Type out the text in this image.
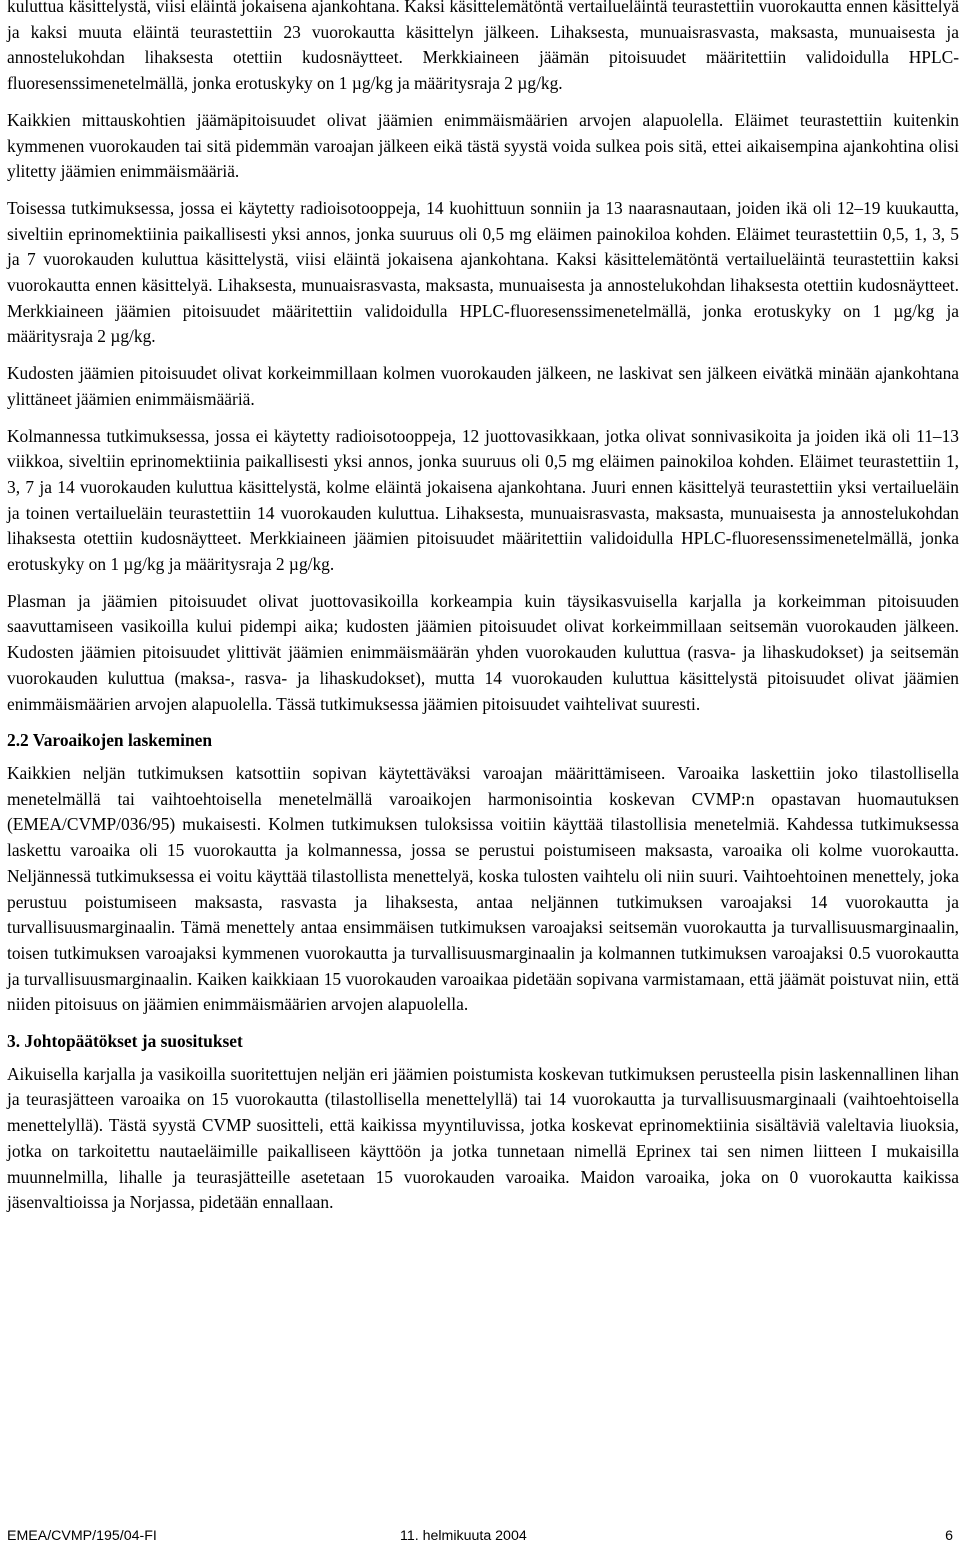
kuluttua käsittelystä, viisi eläintä jokaisena ajankohtana. Kaksi käsittelemätöntä vertailueläintä teurastettiin vuorokautta ennen käsittelyä ja kaksi muuta eläintä teurastettiin 23 vuorokautta käsittelyn jälkeen. Lihaksesta, munuaisrasvasta, maksasta, munuaisesta ja annostelukohdan lihaksesta otettiin kudosnäytteet. Merkkiaineen jäämän pitoisuudet määritettiin validoidulla HPLC-fluoresenssimenetelmällä, jonka erotuskyky on 1 µg/kg ja määritysraja 2 µg/kg.

Kaikkien mittauskohtien jäämäpitoisuudet olivat jäämien enimmäismäärien arvojen alapuolella. Eläimet teurastettiin kuitenkin kymmenen vuorokauden tai sitä pidemmän varoajan jälkeen eikä tästä syystä voida sulkea pois sitä, ettei aikaisempina ajankohtina olisi ylitetty jäämien enimmäismääriä.

Toisessa tutkimuksessa, jossa ei käytetty radioisotooppeja, 14 kuohittuun sonniin ja 13 naarasnautaan, joiden ikä oli 12–19 kuukautta, siveltiin eprinomektiinia paikallisesti yksi annos, jonka suuruus oli 0,5 mg eläimen painokiloa kohden. Eläimet teurastettiin 0,5, 1, 3, 5 ja 7 vuorokauden kuluttua käsittelystä, viisi eläintä jokaisena ajankohtana. Kaksi käsittelemätöntä vertailueläintä teurastettiin kaksi vuorokautta ennen käsittelyä. Lihaksesta, munuaisrasvasta, maksasta, munuaisesta ja annostelukohdan lihaksesta otettiin kudosnäytteet. Merkkiaineen jäämien pitoisuudet määritettiin validoidulla HPLC-fluoresenssimenetelmällä, jonka erotuskyky on 1 µg/kg ja määritysraja 2 µg/kg.

Kudosten jäämien pitoisuudet olivat korkeimmillaan kolmen vuorokauden jälkeen, ne laskivat sen jälkeen eivätkä minään ajankohtana ylittäneet jäämien enimmäismääriä.

Kolmannessa tutkimuksessa, jossa ei käytetty radioisotooppeja, 12 juottovasikkaan, jotka olivat sonnivasikoita ja joiden ikä oli 11–13 viikkoa, siveltiin eprinomektiinia paikallisesti yksi annos, jonka suuruus oli 0,5 mg eläimen painokiloa kohden. Eläimet teurastettiin 1, 3, 7 ja 14 vuorokauden kuluttua käsittelystä, kolme eläintä jokaisena ajankohtana. Juuri ennen käsittelyä teurastettiin yksi vertailueläin ja toinen vertailueläin teurastettiin 14 vuorokauden kuluttua. Lihaksesta, munuaisrasvasta, maksasta, munuaisesta ja annostelukohdan lihaksesta otettiin kudosnäytteet. Merkkiaineen jäämien pitoisuudet määritettiin validoidulla HPLC-fluoresenssimenetelmällä, jonka erotuskyky on 1 µg/kg ja määritysraja 2 µg/kg.

Plasman ja jäämien pitoisuudet olivat juottovasikoilla korkeampia kuin täysikasvuisella karjalla ja korkeimman pitoisuuden saavuttamiseen vasikoilla kului pidempi aika; kudosten jäämien pitoisuudet olivat korkeimmillaan seitsemän vuorokauden jälkeen. Kudosten jäämien pitoisuudet ylittivät jäämien enimmäismäärän yhden vuorokauden kuluttua (rasva- ja lihaskudokset) ja seitsemän vuorokauden kuluttua (maksa-, rasva- ja lihaskudokset), mutta 14 vuorokauden kuluttua käsittelystä pitoisuudet olivat jäämien enimmäismäärien arvojen alapuolella. Tässä tutkimuksessa jäämien pitoisuudet vaihtelivat suuresti.

2.2 Varoaikojen laskeminen

Kaikkien neljän tutkimuksen katsottiin sopivan käytettäväksi varoajan määrittämiseen. Varoaika laskettiin joko tilastollisella menetelmällä tai vaihtoehtoisella menetelmällä varoaikojen harmonisointia koskevan CVMP:n opastavan huomautuksen (EMEA/CVMP/036/95) mukaisesti. Kolmen tutkimuksen tuloksissa voitiin käyttää tilastollisia menetelmiä. Kahdessa tutkimuksessa laskettu varoaika oli 15 vuorokautta ja kolmannessa, jossa se perustui poistumiseen maksasta, varoaika oli kolme vuorokautta. Neljännessä tutkimuksessa ei voitu käyttää tilastollista menettelyä, koska tulosten vaihtelu oli niin suuri. Vaihtoehtoinen menettely, joka perustuu poistumiseen maksasta, rasvasta ja lihaksesta, antaa neljännen tutkimuksen varoajaksi 14 vuorokautta ja turvallisuusmarginaalin. Tämä menettely antaa ensimmäisen tutkimuksen varoajaksi seitsemän vuorokautta ja turvallisuusmarginaalin, toisen tutkimuksen varoajaksi kymmenen vuorokautta ja turvallisuusmarginaalin ja kolmannen tutkimuksen varoajaksi 0.5 vuorokautta ja turvallisuusmarginaalin. Kaiken kaikkiaan 15 vuorokauden varoaikaa pidetään sopivana varmistamaan, että jäämät poistuvat niin, että niiden pitoisuus on jäämien enimmäismäärien arvojen alapuolella.

3. Johtopäätökset ja suositukset

Aikuisella karjalla ja vasikoilla suoritettujen neljän eri jäämien poistumista koskevan tutkimuksen perusteella pisin laskennallinen lihan ja teurasjätteen varoaika on 15 vuorokautta (tilastollisella menettelyllä) tai 14 vuorokautta ja turvallisuusmarginaali (vaihtoehtoisella menettelyllä). Tästä syystä CVMP suositteli, että kaikissa myyntiluvissa, jotka koskevat eprinomektiinia sisältäviä valeltavia liuoksia, jotka on tarkoitettu nautaeläimille paikalliseen käyttöön ja jotka tunnetaan nimellä Eprinex tai sen nimen liitteen I mukaisilla muunnelmilla, lihalle ja teurasjätteille asetetaan 15 vuorokauden varoaika. Maidon varoaika, joka on 0 vuorokautta kaikissa jäsenvaltioissa ja Norjassa, pidetään ennallaan.

EMEA/CVMP/195/04-FI	11. helmikuuta 2004	6
